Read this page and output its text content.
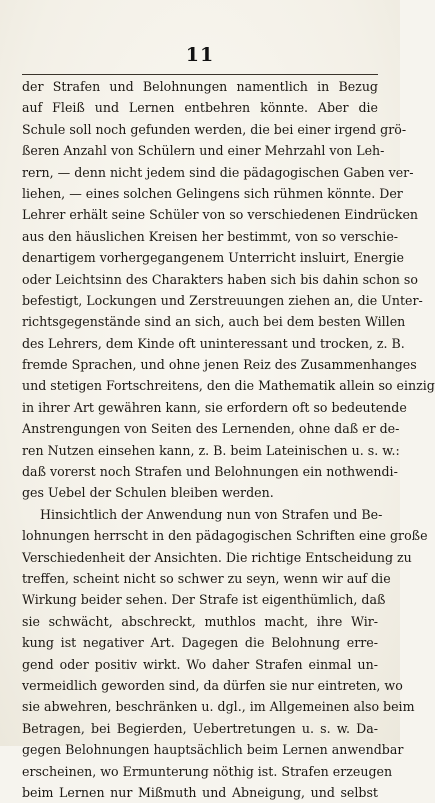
11
der Strafen und Belohnungen namentlich in Bezug
auf Fleiß und Lernen entbehren könnte. Aber die
Schule soll noch gefunden werden, die bei einer irgend grö-
ßeren Anzahl von Schülern und einer Mehrzahl von Leh-
rern, — denn nicht jedem sind die pädagogischen Gaben ver-
liehen, — eines solchen Gelingens sich rühmen könnte. Der
Lehrer erhält seine Schüler von so verschiedenen Eindrücken
aus den häuslichen Kreisen her bestimmt, von so verschie-
denartigem vorhergegangenem Unterricht insluirt, Energie
oder Leichtsinn des Charakters haben sich bis dahin schon so
befestigt, Lockungen und Zerstreuungen ziehen an, die Unter-
richtsgegenstände sind an sich, auch bei dem besten Willen
des Lehrers, dem Kinde oft uninteressant und trocken, z. B.
fremde Sprachen, und ohne jenen Reiz des Zusammenhanges
und stetigen Fortschreitens, den die Mathematik allein so einzig
in ihrer Art gewähren kann, sie erfordern oft so bedeutende
Anstrengungen von Seiten des Lernenden, ohne daß er de-
ren Nutzen einsehen kann, z. B. beim Lateinischen u. s. w.:
daß vorerst noch Strafen und Belohnungen ein nothwendi-
ges Uebel der Schulen bleiben werden.
Hinsichtlich der Anwendung nun von Strafen und Be-
lohnungen herrscht in den pädagogischen Schriften eine große
Verschiedenheit der Ansichten. Die richtige Entscheidung zu
treffen, scheint nicht so schwer zu seyn, wenn wir auf die
Wirkung beider sehen. Der Strafe ist eigenthümlich, daß
sie schwächt, abschreckt, muthlos macht, ihre Wir-
kung ist negativer Art. Dagegen die Belohnung erre-
gend oder positiv wirkt. Wo daher Strafen einmal un-
vermeidlich geworden sind, da dürfen sie nur eintreten, wo
sie abwehren, beschränken u. dgl., im Allgemeinen also beim
Betragen, bei Begierden, Uebertretungen u. s. w. Da-
gegen Belohnungen hauptsächlich beim Lernen anwendbar
erscheinen, wo Ermunterung nöthig ist. Strafen erzeugen
beim Lernen nur Mißmuth und Abneigung, und selbst
